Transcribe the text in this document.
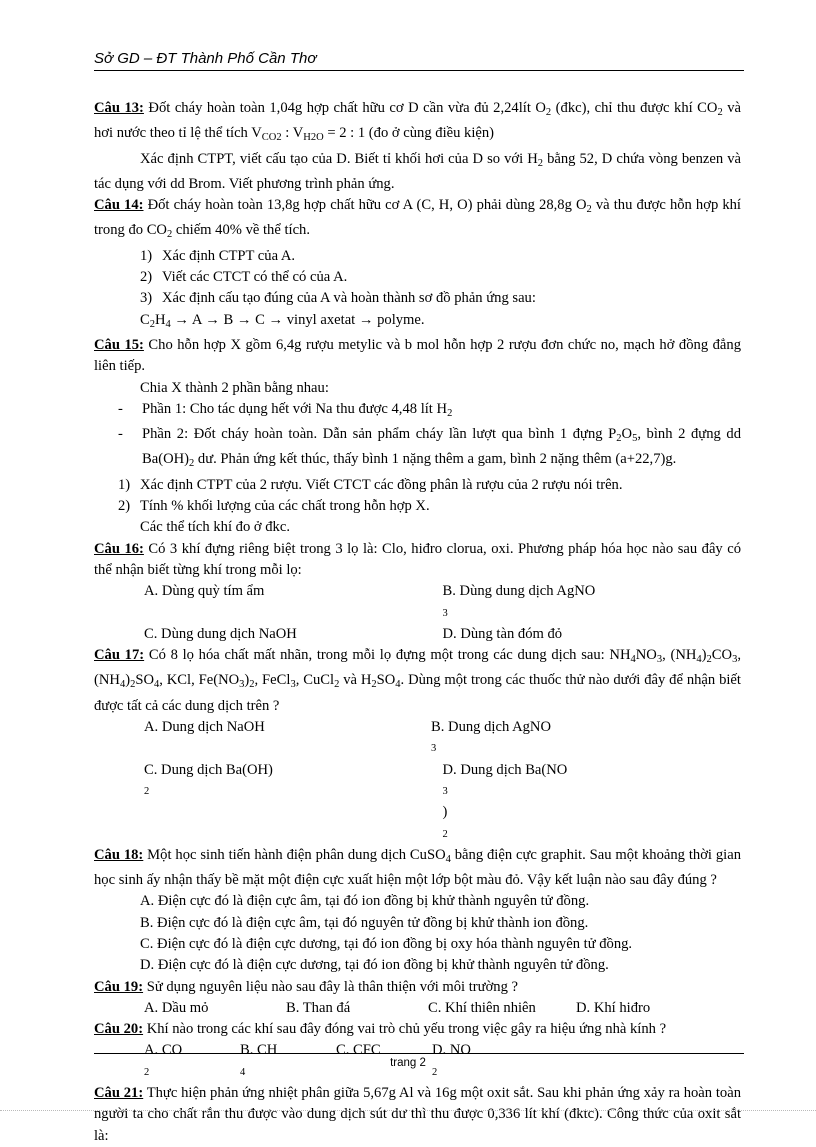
Sở GD – ĐT Thành Phố Cần Thơ

Câu 13: Đốt cháy hoàn toàn 1,04g hợp chất hữu cơ D cần vừa đủ 2,24lít $O_2$ (đkc), chỉ thu được khí $CO_2$ và hơi nước theo tỉ lệ thể tích $V_{CO2}$ : $V_{H2O} = 2$ : 1 (đo ở cùng điều kiện)

Xác định CTPT, viết cấu tạo của D. Biết tỉ khối hơi của D so với $H_2$ bằng 52, D chứa vòng benzen và tác dụng với dd Brom. Viết phương trình phản ứng.

Câu 14: Đốt cháy hoàn toàn 13,8g hợp chất hữu cơ A (C, H, O) phải dùng 28,8g $O_2$ và thu được hỗn hợp khí trong đo $CO_2$ chiếm 40% về thể tích.

1) Xác định CTPT của A.

2) Viết các CTCT có thể có của A.

3) Xác định cấu tạo đúng của A và hoàn thành sơ đồ phản ứng sau:

$C_2H_4 \to A \to B \to C$ → vinyl axetat → polyme.

Câu 15: Cho hỗn hợp X gồm 6,4g rượu metylic và b mol hỗn hợp 2 rượu đơn chức no, mạch hở đồng đẳng liên tiếp.

Chia X thành 2 phần bằng nhau:

- Phần 1: Cho tác dụng hết với Na thu được 4,48 lít $H_2$

- Phần 2: Đốt cháy hoàn toàn. Dẫn sản phẩm cháy lần lượt qua bình 1 đựng $P_2O_5$, bình 2 đựng dd $Ba(OH)_2$ dư. Phản ứng kết thúc, thấy bình 1 nặng thêm a gam, bình 2 nặng thêm (a+22,7)g.

1) Xác định CTPT của 2 rượu. Viết CTCT các đồng phân là rượu của 2 rượu nói trên.

2) Tính % khối lượng của các chất trong hỗn hợp X.

Các thể tích khí đo ở đkc.

Câu 16: Có 3 khí đựng riêng biệt trong 3 lọ là: Clo, hiđro clorua, oxi. Phương pháp hóa học nào sau đây có thể nhận biết từng khí trong mỗi lọ:

A. Dùng quỳ tím ẩm	B. Dùng dung dịch AgNO
3
C. Dùng dung dịch NaOH	D. Dùng tàn đóm đỏ

Câu 17: Có 8 lọ hóa chất mất nhãn, trong mỗi lọ đựng một trong các dung dịch sau: $NH_4NO_3$, $(NH_4)_2CO_3$, $(NH_4)_2SO_4$, KCl, $Fe(NO_3)_2$, FeCl$_3$, CuCl$_2$ và $H_2SO_4$. Dùng một trong các thuốc thử nào dưới đây để nhận biết được tất cả các dung dịch trên ?

A. Dung dịch NaOH	B. Dung dịch AgNO
3
C. Dung dịch Ba(OH)
2
D. Dung dịch Ba(NO
3
)
2

Câu 18: Một học sinh tiến hành điện phân dung dịch CuSO$_4$ bằng điện cực graphit. Sau một khoảng thời gian học sinh ấy nhận thấy bề mặt một điện cực xuất hiện một lớp bột màu đỏ. Vậy kết luận nào sau đây đúng ?

A. Điện cực đó là điện cực âm, tại đó ion đồng bị khử thành nguyên tử đồng.

B. Điện cực đó là điện cực âm, tại đó nguyên tử đồng bị khử thành ion đồng.

C. Điện cực đó là điện cực dương, tại đó ion đồng bị oxy hóa thành nguyên tử đồng.

D. Điện cực đó là điện cực dương, tại đó ion đồng bị khử thành nguyên tử đồng.

Câu 19: Sử dụng nguyên liệu nào sau đây là thân thiện với môi trường ?

A. Dầu mỏ	B. Than đá	C. Khí thiên nhiên	D. Khí hiđro

Câu 20: Khí nào trong các khí sau đây đóng vai trò chủ yếu trong việc gây ra hiệu ứng nhà kính ?

A. CO
2
B. CH
4
C. CFC	D. NO
2

Câu 21: Thực hiện phản ứng nhiệt phân giữa 5,67g Al và 16g một oxit sắt. Sau khi phản ứng xảy ra hoàn toàn người ta cho chất rắn thu được vào dung dịch sút dư thì thu được 0,336 lít khí (đktc). Công thức của oxit sắt là:

trang 2
